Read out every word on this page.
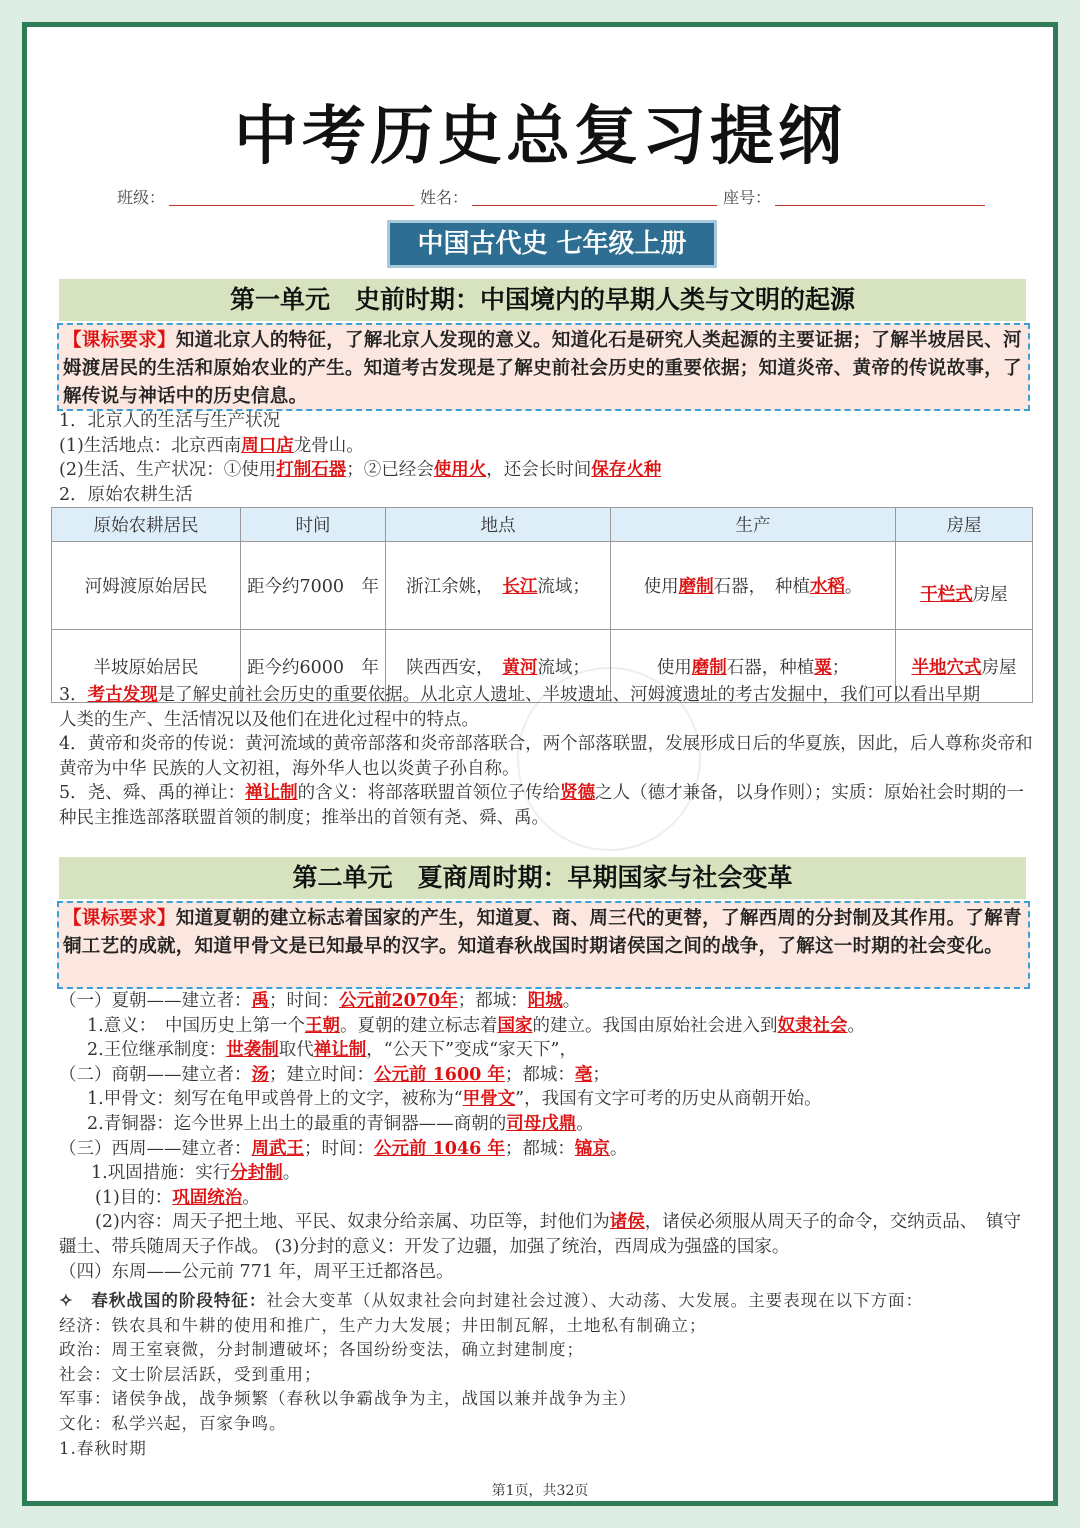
中考历史总复习提纲
班级：	姓名：	座号：
中国古代史 七年级上册
第一单元　史前时期：中国境内的早期人类与文明的起源
【课标要求】知道北京人的特征，了解北京人发现的意义。知道化石是研究人类起源的主要证据；了解半坡居民、河姆渡居民的生活和原始农业的产生。知道考古发现是了解史前社会历史的重要依据；知道炎帝、黄帝的传说故事，了解传说与神话中的历史信息。
1．北京人的生活与生产状况
(1)生活地点：北京西南周口店龙骨山。
(2)生活、生产状况：①使用打制石器；②已经会使用火，还会长时间保存火种
2．原始农耕生活
原始农耕居民	时间	地点	生产	房屋
河姆渡原始居民	距今约7000　年	浙江余姚，　 长江流域；	使用磨制石器，　种植水稻。	干栏式房屋
半坡原始居民	距今约6000　年	陕西西安，　 黄河流域；	使用磨制石器，种植粟；	半地穴式房屋
3．考古发现是了解史前社会历史的重要依据。从北京人遗址、半坡遗址、河姆渡遗址的考古发掘中，我们可以看出早期
人类的生产、生活情况以及他们在进化过程中的特点。
4．黄帝和炎帝的传说：黄河流域的黄帝部落和炎帝部落联合，两个部落联盟，发展形成日后的华夏族，因此，后人尊称炎帝和黄帝为中华 民族的人文初祖，海外华人也以炎黄子孙自称。
5．尧、舜、禹的禅让：禅让制的含义：将部落联盟首领位子传给贤德之人（德才兼备，以身作则）；实质：原始社会时期的一种民主推选部落联盟首领的制度；推举出的首领有尧、舜、禹。
第二单元　夏商周时期：早期国家与社会变革
【课标要求】知道夏朝的建立标志着国家的产生，知道夏、商、周三代的更替，了解西周的分封制及其作用。了解青铜工艺的成就，知道甲骨文是已知最早的汉字。知道春秋战国时期诸侯国之间的战争，了解这一时期的社会变化。
（一）夏朝——建立者：禹；时间：公元前2070年；都城：阳城。
1.意义：　中国历史上第一个王朝。夏朝的建立标志着国家的建立。我国由原始社会进入到奴隶社会。
2.王位继承制度：世袭制取代禅让制，“公天下”变成“家天下”，
（二）商朝——建立者：汤；建立时间：公元前 1600 年；都城：亳；
1.甲骨文：刻写在龟甲或兽骨上的文字，被称为“甲骨文”，我国有文字可考的历史从商朝开始。
2.青铜器：迄今世界上出土的最重的青铜器——商朝的司母戊鼎。
（三）西周——建立者：周武王；时间：公元前 1046 年；都城：镐京。
1.巩固措施：实行分封制。
(1)目的：巩固统治。
(2)内容：周天子把土地、平民、奴隶分给亲属、功臣等，封他们为诸侯，诸侯必须服从周天子的命令，交纳贡品、　镇守疆土、带兵随周天子作战。 (3)分封的意义：开发了边疆，加强了统治，西周成为强盛的国家。
（四）东周——公元前 771 年，周平王迁都洛邑。
✧　春秋战国的阶段特征：社会大变革（从奴隶社会向封建社会过渡）、大动荡、大发展。主要表现在以下方面：
经济：铁农具和牛耕的使用和推广，生产力大发展；井田制瓦解，土地私有制确立；
政治：周王室衰微，分封制遭破坏；各国纷纷变法，确立封建制度；
社会：文士阶层活跃，受到重用；
军事：诸侯争战，战争频繁（春秋以争霸战争为主，战国以兼并战争为主）
文化：私学兴起，百家争鸣。
1.春秋时期
第1页，共32页
